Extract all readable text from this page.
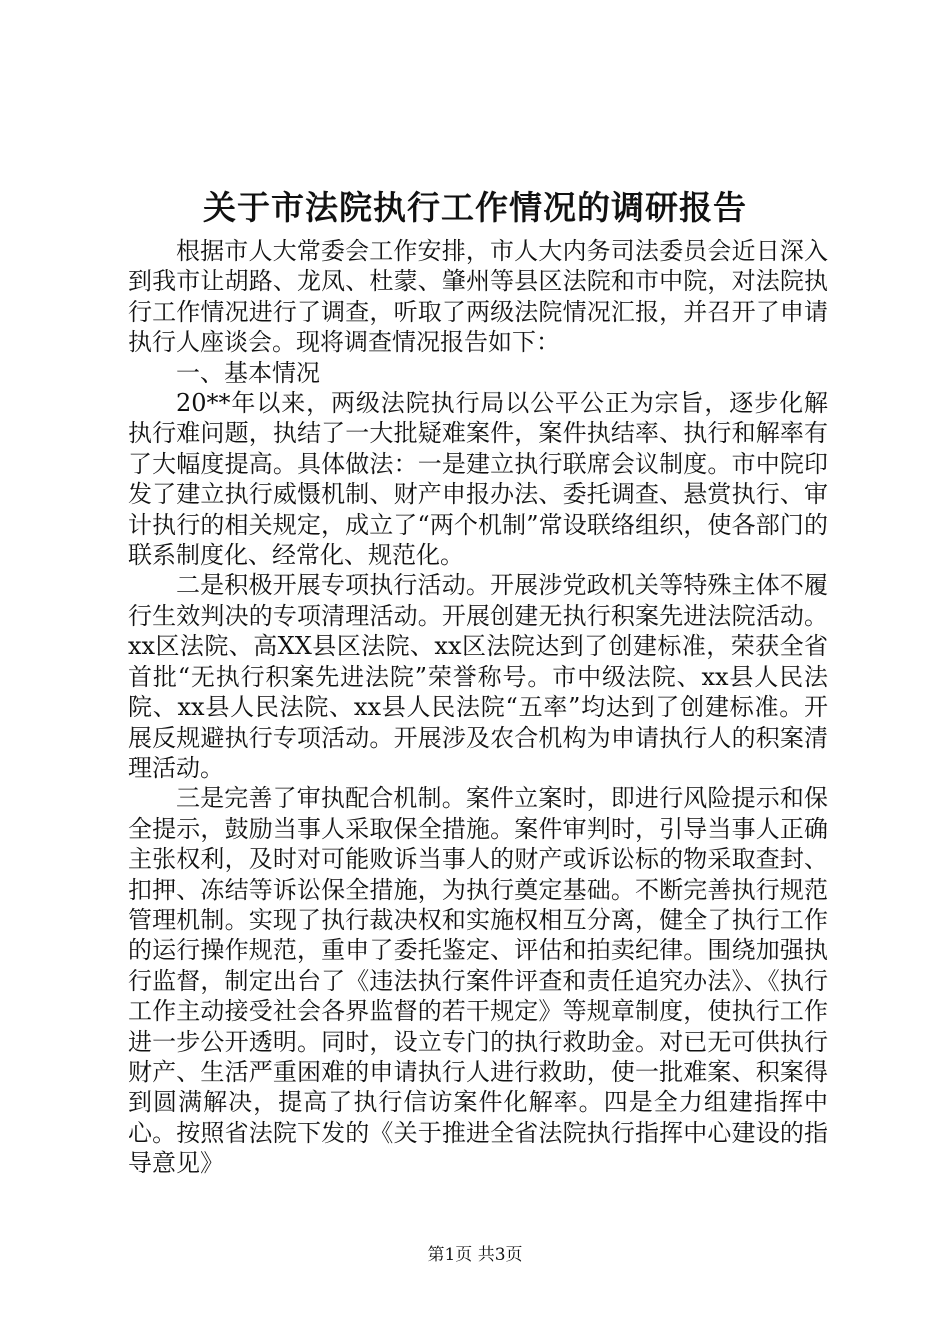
关于市法院执行工作情况的调研报告

根据市人大常委会工作安排，市人大内务司法委员会近日深入到我市让胡路、龙凤、杜蒙、肇州等县区法院和市中院，对法院执行工作情况进行了调查，听取了两级法院情况汇报，并召开了申请执行人座谈会。现将调查情况报告如下：

一、基本情况

20**年以来，两级法院执行局以公平公正为宗旨，逐步化解执行难问题，执结了一大批疑难案件，案件执结率、执行和解率有了大幅度提高。具体做法：一是建立执行联席会议制度。市中院印发了建立执行威慑机制、财产申报办法、委托调查、悬赏执行、审计执行的相关规定，成立了“两个机制”常设联络组织，使各部门的联系制度化、经常化、规范化。

二是积极开展专项执行活动。开展涉党政机关等特殊主体不履行生效判决的专项清理活动。开展创建无执行积案先进法院活动。xx区法院、高XX县区法院、xx区法院达到了创建标准，荣获全省首批“无执行积案先进法院”荣誉称号。市中级法院、xx县人民法院、xx县人民法院、xx县人民法院“五率”均达到了创建标准。开展反规避执行专项活动。开展涉及农合机构为申请执行人的积案清理活动。

三是完善了审执配合机制。案件立案时，即进行风险提示和保全提示，鼓励当事人采取保全措施。案件审判时，引导当事人正确主张权利，及时对可能败诉当事人的财产或诉讼标的物采取查封、扣押、冻结等诉讼保全措施，为执行奠定基础。不断完善执行规范管理机制。实现了执行裁决权和实施权相互分离，健全了执行工作的运行操作规范，重申了委托鉴定、评估和拍卖纪律。围绕加强执行监督，制定出台了《违法执行案件评查和责任追究办法》、《执行工作主动接受社会各界监督的若干规定》等规章制度，使执行工作进一步公开透明。同时，设立专门的执行救助金。对已无可供执行财产、生活严重困难的申请执行人进行救助，使一批难案、积案得到圆满解决，提高了执行信访案件化解率。四是全力组建指挥中心。按照省法院下发的《关于推进全省法院执行指挥中心建设的指导意见》

第1页 共3页
